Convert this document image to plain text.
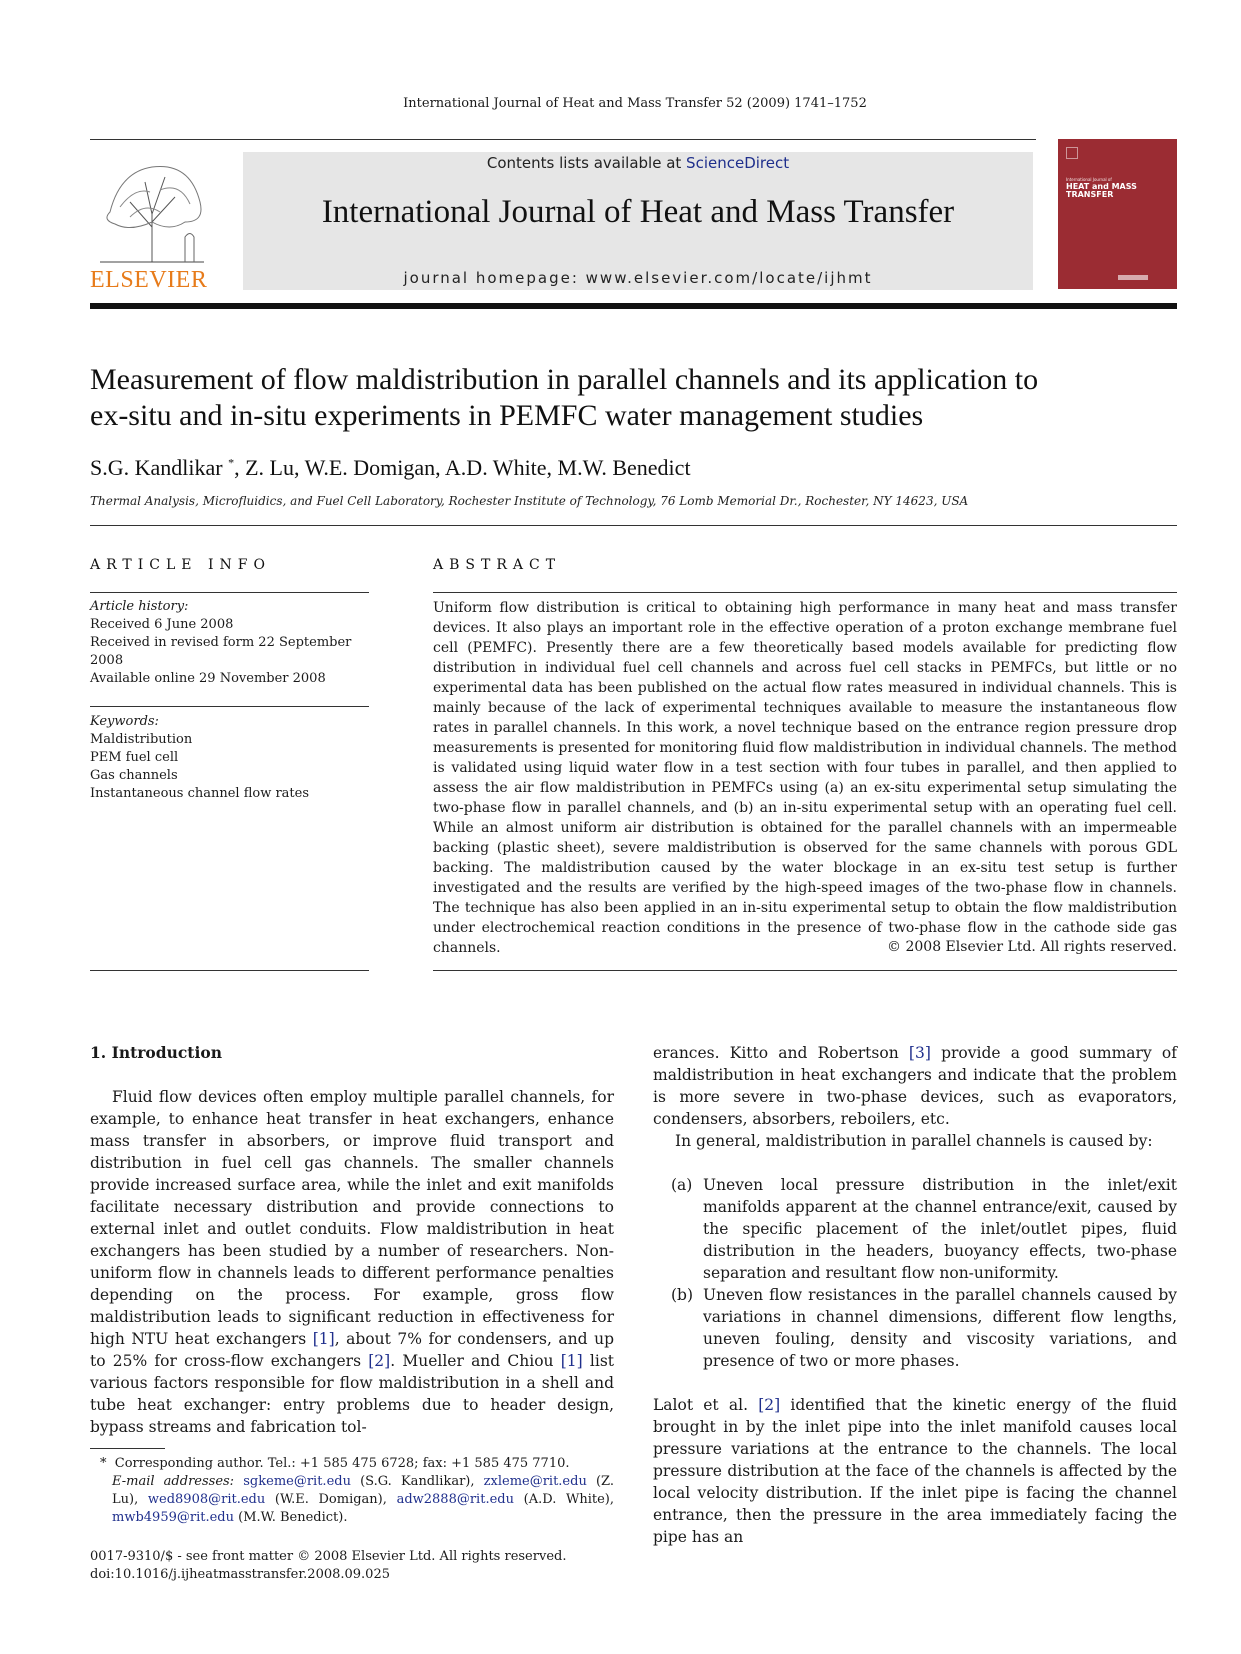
International Journal of Heat and Mass Transfer 52 (2009) 1741–1752
ELSEVIER
Contents lists available at ScienceDirect
International Journal of Heat and Mass Transfer
journal homepage: www.elsevier.com/locate/ijhmt
International Journal of
HEAT and MASS TRANSFER
Measurement of flow maldistribution in parallel channels and its application to
ex-situ and in-situ experiments in PEMFC water management studies
S.G. Kandlikar *, Z. Lu, W.E. Domigan, A.D. White, M.W. Benedict
Thermal Analysis, Microfluidics, and Fuel Cell Laboratory, Rochester Institute of Technology, 76 Lomb Memorial Dr., Rochester, NY 14623, USA
ARTICLE INFO
Article history:
Received 6 June 2008
Received in revised form 22 September
2008
Available online 29 November 2008
Keywords:
Maldistribution
PEM fuel cell
Gas channels
Instantaneous channel flow rates
ABSTRACT
Uniform flow distribution is critical to obtaining high performance in many heat and mass transfer devices. It also plays an important role in the effective operation of a proton exchange membrane fuel cell (PEMFC). Presently there are a few theoretically based models available for predicting flow distribution in individual fuel cell channels and across fuel cell stacks in PEMFCs, but little or no experimental data has been published on the actual flow rates measured in individual channels. This is mainly because of the lack of experimental techniques available to measure the instantaneous flow rates in parallel channels. In this work, a novel technique based on the entrance region pressure drop measurements is presented for monitoring fluid flow maldistribution in individual channels. The method is validated using liquid water flow in a test section with four tubes in parallel, and then applied to assess the air flow maldistribution in PEMFCs using (a) an ex-situ experimental setup simulating the two-phase flow in parallel channels, and (b) an in-situ experimental setup with an operating fuel cell. While an almost uniform air distribution is obtained for the parallel channels with an impermeable backing (plastic sheet), severe maldistribution is observed for the same channels with porous GDL backing. The maldistribution caused by the water blockage in an ex-situ test setup is further investigated and the results are verified by the high-speed images of the two-phase flow in channels. The technique has also been applied in an in-situ experimental setup to obtain the flow maldistribution under electrochemical reaction conditions in the presence of two-phase flow in the cathode side gas channels.	© 2008 Elsevier Ltd. All rights reserved.
1. Introduction

Fluid flow devices often employ multiple parallel channels, for example, to enhance heat transfer in heat exchangers, enhance mass transfer in absorbers, or improve fluid transport and distribution in fuel cell gas channels. The smaller channels provide increased surface area, while the inlet and exit manifolds facilitate necessary distribution and provide connections to external inlet and outlet conduits. Flow maldistribution in heat exchangers has been studied by a number of researchers. Non-uniform flow in channels leads to different performance penalties depending on the process. For example, gross flow maldistribution leads to significant reduction in effectiveness for high NTU heat exchangers [1], about 7% for condensers, and up to 25% for cross-flow exchangers [2]. Mueller and Chiou [1] list various factors responsible for flow maldistribution in a shell and tube heat exchanger: entry problems due to header design, bypass streams and fabrication tol-

erances. Kitto and Robertson [3] provide a good summary of maldistribution in heat exchangers and indicate that the problem is more severe in two-phase devices, such as evaporators, condensers, absorbers, reboilers, etc.

In general, maldistribution in parallel channels is caused by:

(a) Uneven local pressure distribution in the inlet/exit manifolds apparent at the channel entrance/exit, caused by the specific placement of the inlet/outlet pipes, fluid distribution in the headers, buoyancy effects, two-phase separation and resultant flow non-uniformity.
(b) Uneven flow resistances in the parallel channels caused by variations in channel dimensions, different flow lengths, uneven fouling, density and viscosity variations, and presence of two or more phases.

Lalot et al. [2] identified that the kinetic energy of the fluid brought in by the inlet pipe into the inlet manifold causes local pressure variations at the entrance to the channels. The local pressure distribution at the face of the channels is affected by the local velocity distribution. If the inlet pipe is facing the channel entrance, then the pressure in the area immediately facing the pipe has an

* Corresponding author. Tel.: +1 585 475 6728; fax: +1 585 475 7710.
E-mail addresses: sgkeme@rit.edu (S.G. Kandlikar), zxleme@rit.edu (Z. Lu), wed8908@rit.edu (W.E. Domigan), adw2888@rit.edu (A.D. White), mwb4959@rit.edu (M.W. Benedict).
0017-9310/$ - see front matter © 2008 Elsevier Ltd. All rights reserved.
doi:10.1016/j.ijheatmasstransfer.2008.09.025
